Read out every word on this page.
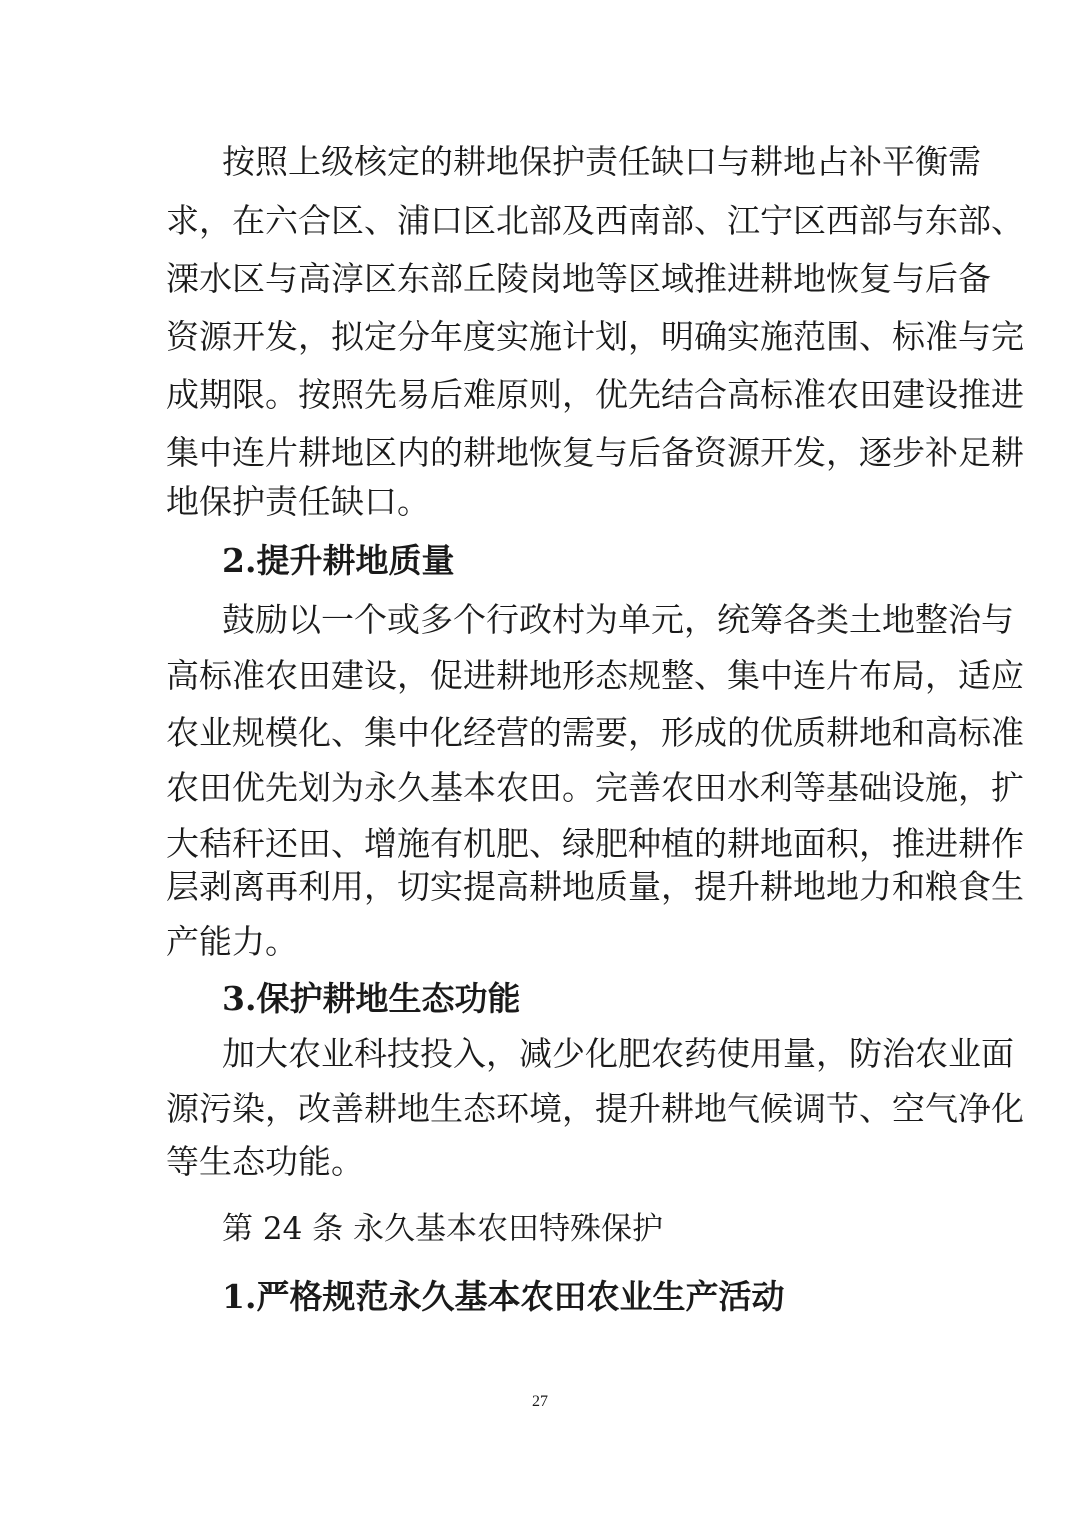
按照上级核定的耕地保护责任缺口与耕地占补平衡需
求，在六合区、浦口区北部及西南部、江宁区西部与东部、
溧水区与高淳区东部丘陵岗地等区域推进耕地恢复与后备
资源开发，拟定分年度实施计划，明确实施范围、标准与完
成期限。按照先易后难原则，优先结合高标准农田建设推进
集中连片耕地区内的耕地恢复与后备资源开发，逐步补足耕
地保护责任缺口。
2.提升耕地质量
鼓励以一个或多个行政村为单元，统筹各类土地整治与
高标准农田建设，促进耕地形态规整、集中连片布局，适应
农业规模化、集中化经营的需要，形成的优质耕地和高标准
农田优先划为永久基本农田。完善农田水利等基础设施，扩
大秸秆还田、增施有机肥、绿肥种植的耕地面积，推进耕作
层剥离再利用，切实提高耕地质量，提升耕地地力和粮食生
产能力。
3.保护耕地生态功能
加大农业科技投入，减少化肥农药使用量，防治农业面
源污染，改善耕地生态环境，提升耕地气候调节、空气净化
等生态功能。
第 24 条 永久基本农田特殊保护
1.严格规范永久基本农田农业生产活动
27
